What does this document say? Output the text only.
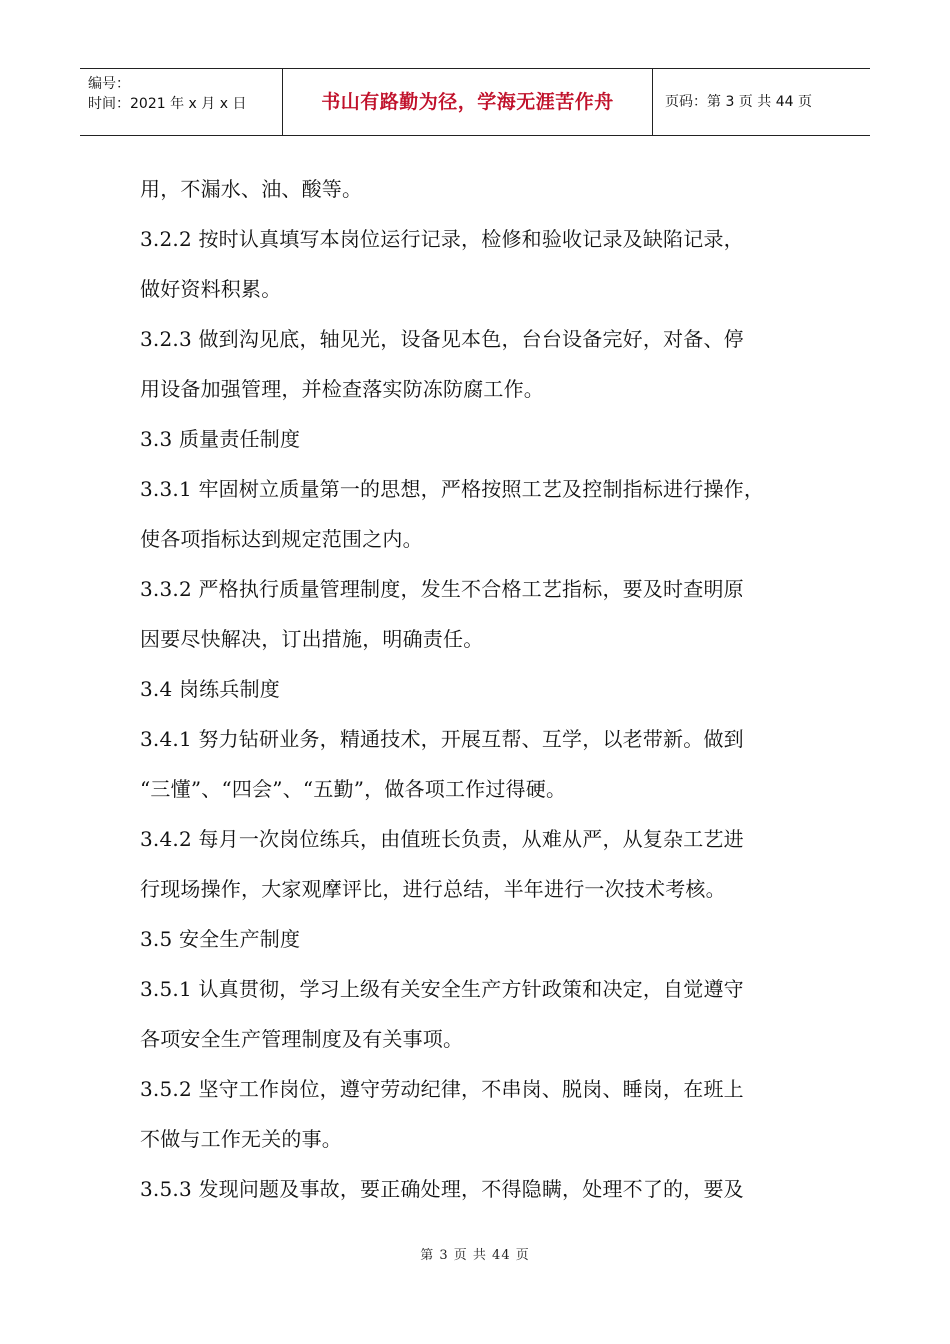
编号：
时间：2021 年 x 月 x 日	书山有路勤为径，学海无涯苦作舟	页码：第 3 页 共 44 页

用，不漏水、油、酸等。

3.2.2 按时认真填写本岗位运行记录，检修和验收记录及缺陷记录，

做好资料积累。

3.2.3 做到沟见底，轴见光，设备见本色，台台设备完好，对备、停

用设备加强管理，并检查落实防冻防腐工作。

3.3 质量责任制度

3.3.1 牢固树立质量第一的思想，严格按照工艺及控制指标进行操作，

使各项指标达到规定范围之内。

3.3.2 严格执行质量管理制度，发生不合格工艺指标，要及时查明原

因要尽快解决，订出措施，明确责任。

3.4 岗练兵制度

3.4.1 努力钻研业务，精通技术，开展互帮、互学，以老带新。做到

“三懂”、“四会”、“五勤”，做各项工作过得硬。

3.4.2 每月一次岗位练兵，由值班长负责，从难从严，从复杂工艺进

行现场操作，大家观摩评比，进行总结，半年进行一次技术考核。

3.5 安全生产制度

3.5.1 认真贯彻，学习上级有关安全生产方针政策和决定，自觉遵守

各项安全生产管理制度及有关事项。

3.5.2 坚守工作岗位，遵守劳动纪律，不串岗、脱岗、睡岗，在班上

不做与工作无关的事。

3.5.3 发现问题及事故，要正确处理，不得隐瞒，处理不了的，要及

第 3 页 共 44 页
